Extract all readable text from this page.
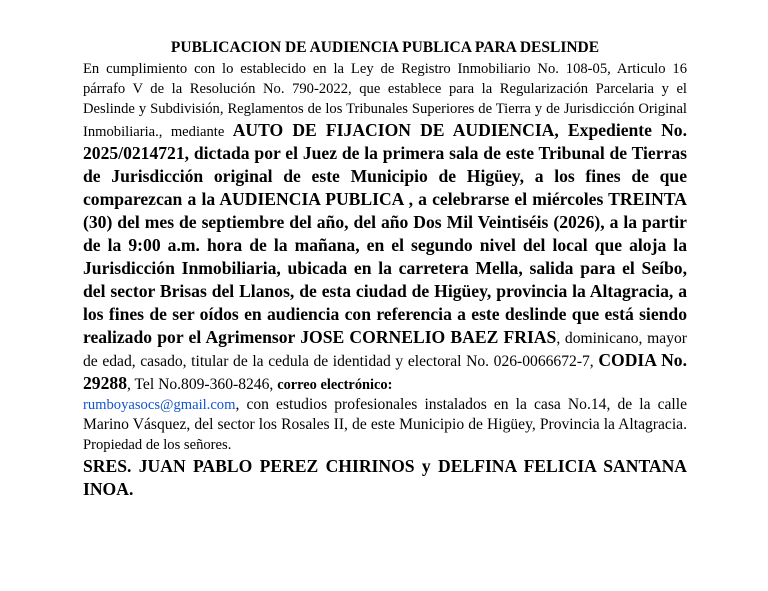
PUBLICACION DE AUDIENCIA PUBLICA PARA DESLINDE

En cumplimiento con lo establecido en la Ley de Registro Inmobiliario No. 108-05, Articulo 16 párrafo V de la Resolución No. 790-2022, que establece para la Regularización Parcelaria y el Deslinde y Subdivisión, Reglamentos de los Tribunales Superiores de Tierra y de Jurisdicción Original Inmobiliaria., mediante AUTO DE FIJACION DE AUDIENCIA, Expediente No. 2025/0214721, dictada por el Juez de la primera sala de este Tribunal de Tierras de Jurisdicción original de este Municipio de Higüey, a los fines de que comparezcan a la AUDIENCIA PUBLICA , a celebrarse el miércoles TREINTA (30) del mes de septiembre del año, del año Dos Mil Veintiséis (2026), a la partir de la 9:00 a.m. hora de la mañana, en el segundo nivel del local que aloja la Jurisdicción Inmobiliaria, ubicada en la carretera Mella, salida para el Seíbo, del sector Brisas del Llanos, de esta ciudad de Higüey, provincia la Altagracia, a los fines de ser oídos en audiencia con referencia a este deslinde que está siendo realizado por el Agrimensor JOSE CORNELIO BAEZ FRIAS, dominicano, mayor de edad, casado, titular de la cedula de identidad y electoral No. 026-0066672-7, CODIA No. 29288, Tel No.809-360-8246, correo electrónico:
rumboyasocs@gmail.com, con estudios profesionales instalados en la casa No.14, de la calle Marino Vásquez, del sector los Rosales II, de este Municipio de Higüey, Provincia la Altagracia. Propiedad de los señores.
SRES. JUAN PABLO PEREZ CHIRINOS y DELFINA FELICIA SANTANA INOA.
